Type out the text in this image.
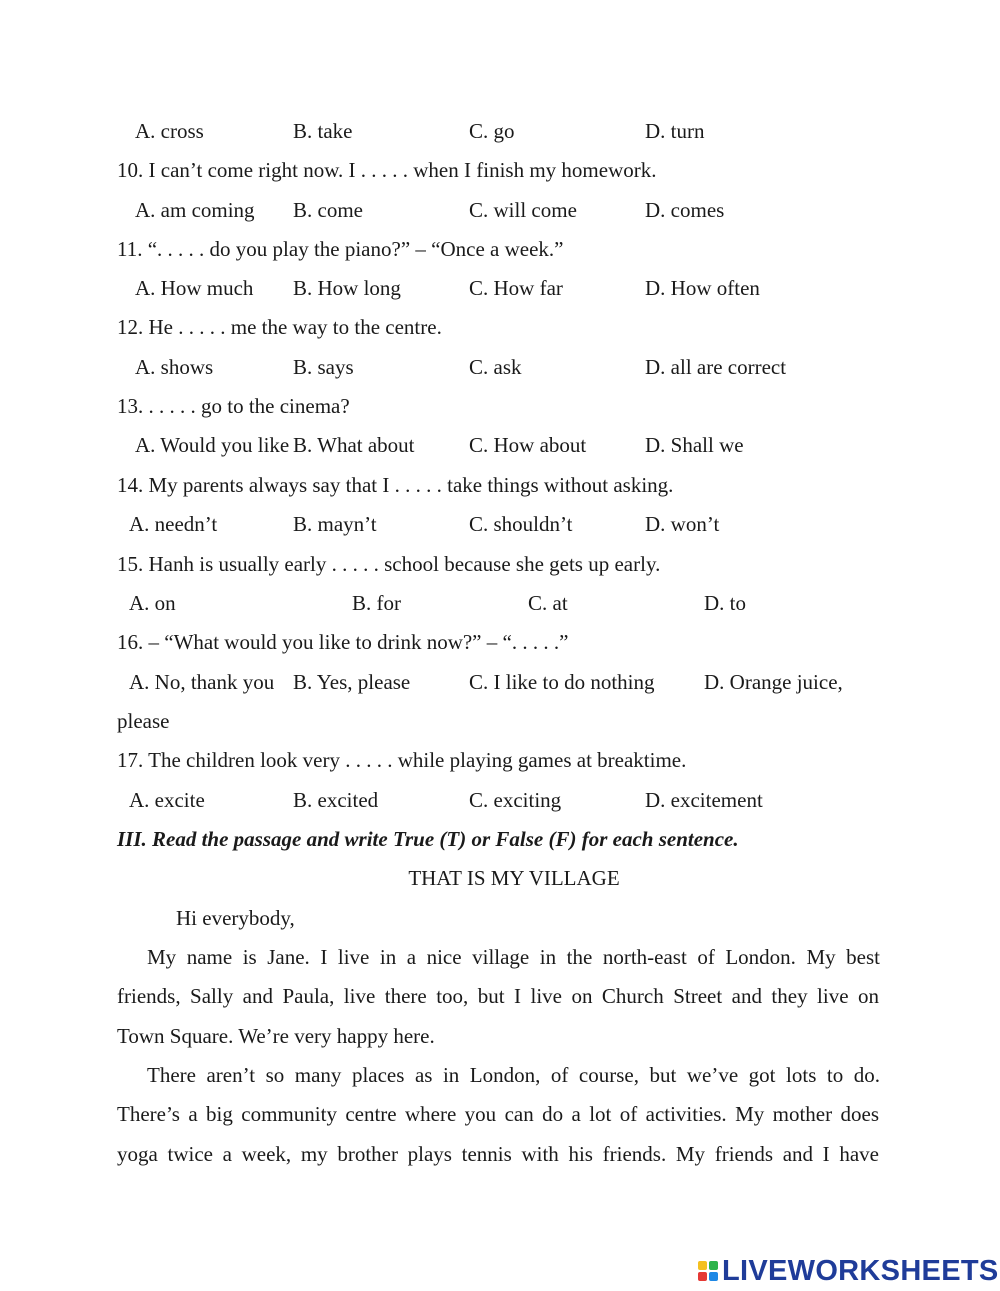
A. cross	B. take	C. go	D. turn
10. I can’t come right now. I . . . . . when I finish my homework.
A. am coming B. come	C. will come	D. comes
11. “. . . . . do you play the piano?” – “Once a week.”
A. How much B. How long	C. How far	D. How often
12. He . . . . . me the way to the centre.
A. shows	B. says	C. ask	D. all are correct
13. . . . . . go to the cinema?
A. Would you like B. What about	C. How about	D. Shall we
14. My parents always say that I . . . . . take things without asking.
A. needn’t	B. mayn’t	C. shouldn’t	D. won’t
15. Hanh is usually early . . . . . school because she gets up early.
A. on	B. for	C. at	D. to
16. – “What would you like to drink now?” – “. . . . .”
A. No, thank you B. Yes, please	C. I like to do nothing D. Orange juice,
please
17. The children look very . . . . . while playing games at breaktime.
A. excite	B. excited	C. exciting	D. excitement
III. Read the passage and write True (T) or False (F) for each sentence.
THAT IS MY VILLAGE
Hi everybody,
My name is Jane. I live in a nice village in the north-east of London. My best
friends, Sally and Paula, live there too, but I live on Church Street and they live on
Town Square. We’re very happy here.
There aren’t so many places as in London, of course, but we’ve got lots to do.
There’s a big community centre where you can do a lot of activities. My mother does
yoga twice a week, my brother plays tennis with his friends. My friends and I have
LIVEWORKSHEETS
